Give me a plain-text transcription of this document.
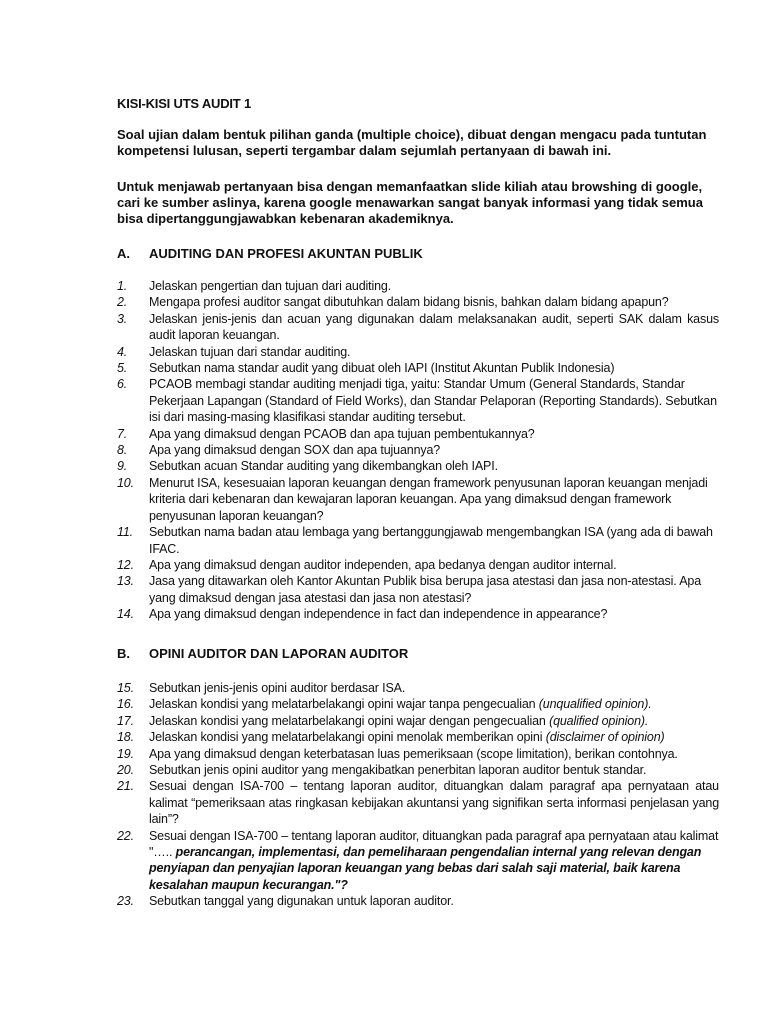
KISI-KISI UTS AUDIT 1
Soal ujian dalam bentuk pilihan ganda (multiple choice), dibuat dengan mengacu pada tuntutan kompetensi lulusan, seperti tergambar dalam sejumlah pertanyaan di bawah ini.
Untuk menjawab pertanyaan bisa dengan memanfaatkan slide kiliah atau browshing di google, cari ke sumber aslinya, karena google menawarkan sangat banyak informasi yang tidak semua bisa dipertanggungjawabkan kebenaran akademiknya.
A. AUDITING DAN PROFESI AKUNTAN PUBLIK
1.	Jelaskan pengertian dan tujuan dari auditing.
2.	Mengapa profesi auditor sangat dibutuhkan dalam bidang bisnis, bahkan dalam bidang apapun?
3.	Jelaskan jenis-jenis dan acuan yang digunakan dalam melaksanakan audit, seperti SAK dalam kasus audit laporan keuangan.
4.	Jelaskan tujuan dari standar auditing.
5.	Sebutkan nama standar audit yang dibuat oleh IAPI (Institut Akuntan Publik Indonesia)
6.	PCAOB membagi standar auditing menjadi tiga, yaitu: Standar Umum (General Standards, Standar Pekerjaan Lapangan (Standard of Field Works), dan Standar Pelaporan (Reporting Standards). Sebutkan isi dari masing-masing klasifikasi standar auditing tersebut.
7.	Apa yang dimaksud dengan PCAOB dan apa tujuan pembentukannya?
8.	Apa yang dimaksud dengan SOX dan apa tujuannya?
9.	Sebutkan acuan Standar auditing yang dikembangkan oleh IAPI.
10.	Menurut ISA, kesesuaian laporan keuangan dengan framework penyusunan laporan keuangan menjadi kriteria dari kebenaran dan kewajaran laporan keuangan. Apa yang dimaksud dengan framework penyusunan laporan keuangan?
11.	Sebutkan nama badan atau lembaga yang bertanggungjawab mengembangkan ISA (yang ada di bawah IFAC.
12.	Apa yang dimaksud dengan auditor independen, apa bedanya dengan auditor internal.
13.	Jasa yang ditawarkan oleh Kantor Akuntan Publik bisa berupa jasa atestasi dan jasa non-atestasi. Apa yang dimaksud dengan jasa atestasi dan jasa non atestasi?
14.	Apa yang dimaksud dengan independence in fact dan independence in appearance?
B. OPINI AUDITOR DAN LAPORAN AUDITOR
15.	Sebutkan jenis-jenis opini auditor berdasar ISA.
16.	Jelaskan kondisi yang melatarbelakangi opini wajar tanpa pengecualian (unqualified opinion).
17.	Jelaskan kondisi yang melatarbelakangi opini wajar dengan pengecualian (qualified opinion).
18.	Jelaskan kondisi yang melatarbelakangi opini menolak memberikan opini (disclaimer of opinion)
19.	Apa yang dimaksud dengan keterbatasan luas pemeriksaan (scope limitation), berikan contohnya.
20.	Sebutkan jenis opini auditor yang mengakibatkan penerbitan laporan auditor bentuk standar.
21.	Sesuai dengan ISA-700 – tentang laporan auditor, dituangkan dalam paragraf apa pernyataan atau kalimat “pemeriksaan atas ringkasan kebijakan akuntansi yang signifikan serta informasi penjelasan yang lain”?
22.	Sesuai dengan ISA-700 – tentang laporan auditor, dituangkan pada paragraf apa pernyataan atau kalimat "….. perancangan, implementasi, dan pemeliharaan pengendalian internal yang relevan dengan penyiapan dan penyajian laporan keuangan yang bebas dari salah saji material, baik karena kesalahan maupun kecurangan."?
23.	Sebutkan tanggal yang digunakan untuk laporan auditor.
